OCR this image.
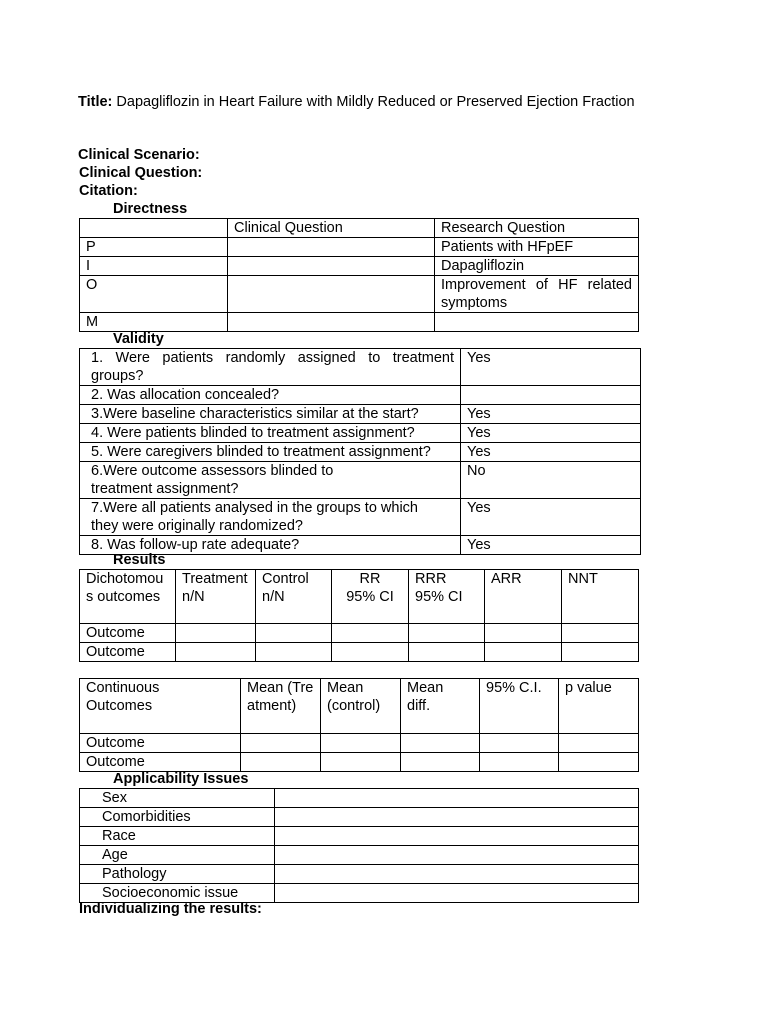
Title: Dapagliflozin in Heart Failure with Mildly Reduced or Preserved Ejection Fraction
Clinical Scenario:
Clinical Question:
Citation:
Directness
	Clinical Question	Research Question
P		Patients with HFpEF
I		Dapagliflozin
O		Improvement of HF related symptoms
M		
Validity
1. Were patients randomly assigned to treatment groups?	Yes
2. Was allocation concealed?	
3.Were baseline characteristics similar at the start?	Yes
4. Were patients blinded to treatment assignment?	Yes
5. Were caregivers blinded to treatment assignment?	Yes
6.Were outcome assessors blinded to treatment assignment?	No
7.Were all patients analysed in the groups to which they were originally randomized?	Yes
8. Was follow-up rate adequate?	Yes
Results
Dichotomous outcomes	Treatment n/N	Control n/N	RR 95% CI	RRR 95% CI	ARR	NNT
Outcome						
Outcome						
Continuous Outcomes	Mean (Treatment)	Mean (control)	Mean diff.	95% C.I.	p value
Outcome					
Outcome					
Applicability Issues
Sex	
Comorbidities	
Race	
Age	
Pathology	
Socioeconomic issue	
Individualizing the results:
